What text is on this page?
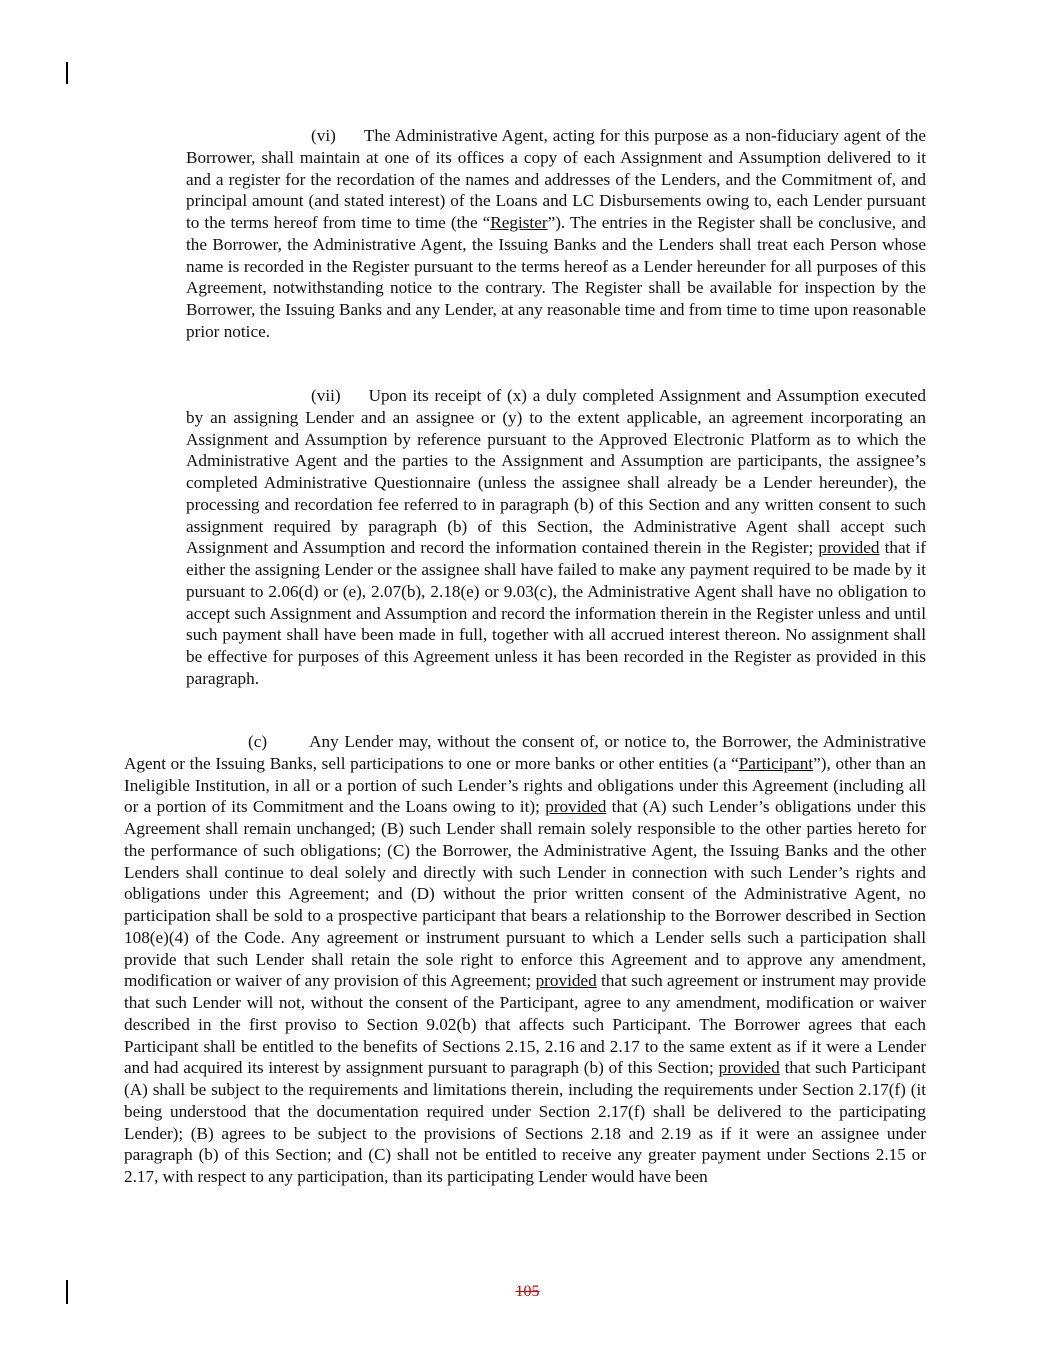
(vi) The Administrative Agent, acting for this purpose as a non-fiduciary agent of the Borrower, shall maintain at one of its offices a copy of each Assignment and Assumption delivered to it and a register for the recordation of the names and addresses of the Lenders, and the Commitment of, and principal amount (and stated interest) of the Loans and LC Disbursements owing to, each Lender pursuant to the terms hereof from time to time (the “Register”). The entries in the Register shall be conclusive, and the Borrower, the Administrative Agent, the Issuing Banks and the Lenders shall treat each Person whose name is recorded in the Register pursuant to the terms hereof as a Lender hereunder for all purposes of this Agreement, notwithstanding notice to the contrary. The Register shall be available for inspection by the Borrower, the Issuing Banks and any Lender, at any reasonable time and from time to time upon reasonable prior notice.

(vii) Upon its receipt of (x) a duly completed Assignment and Assumption executed by an assigning Lender and an assignee or (y) to the extent applicable, an agreement incorporating an Assignment and Assumption by reference pursuant to the Approved Electronic Platform as to which the Administrative Agent and the parties to the Assignment and Assumption are participants, the assignee’s completed Administrative Questionnaire (unless the assignee shall already be a Lender hereunder), the processing and recordation fee referred to in paragraph (b) of this Section and any written consent to such assignment required by paragraph (b) of this Section, the Administrative Agent shall accept such Assignment and Assumption and record the information contained therein in the Register; provided that if either the assigning Lender or the assignee shall have failed to make any payment required to be made by it pursuant to 2.06(d) or (e), 2.07(b), 2.18(e) or 9.03(c), the Administrative Agent shall have no obligation to accept such Assignment and Assumption and record the information therein in the Register unless and until such payment shall have been made in full, together with all accrued interest thereon. No assignment shall be effective for purposes of this Agreement unless it has been recorded in the Register as provided in this paragraph.

(c) Any Lender may, without the consent of, or notice to, the Borrower, the Administrative Agent or the Issuing Banks, sell participations to one or more banks or other entities (a “Participant”), other than an Ineligible Institution, in all or a portion of such Lender’s rights and obligations under this Agreement (including all or a portion of its Commitment and the Loans owing to it); provided that (A) such Lender’s obligations under this Agreement shall remain unchanged; (B) such Lender shall remain solely responsible to the other parties hereto for the performance of such obligations; (C) the Borrower, the Administrative Agent, the Issuing Banks and the other Lenders shall continue to deal solely and directly with such Lender in connection with such Lender’s rights and obligations under this Agreement; and (D) without the prior written consent of the Administrative Agent, no participation shall be sold to a prospective participant that bears a relationship to the Borrower described in Section 108(e)(4) of the Code. Any agreement or instrument pursuant to which a Lender sells such a participation shall provide that such Lender shall retain the sole right to enforce this Agreement and to approve any amendment, modification or waiver of any provision of this Agreement; provided that such agreement or instrument may provide that such Lender will not, without the consent of the Participant, agree to any amendment, modification or waiver described in the first proviso to Section 9.02(b) that affects such Participant. The Borrower agrees that each Participant shall be entitled to the benefits of Sections 2.15, 2.16 and 2.17 to the same extent as if it were a Lender and had acquired its interest by assignment pursuant to paragraph (b) of this Section; provided that such Participant (A) shall be subject to the requirements and limitations therein, including the requirements under Section 2.17(f) (it being understood that the documentation required under Section 2.17(f) shall be delivered to the participating Lender); (B) agrees to be subject to the provisions of Sections 2.18 and 2.19 as if it were an assignee under paragraph (b) of this Section; and (C) shall not be entitled to receive any greater payment under Sections 2.15 or 2.17, with respect to any participation, than its participating Lender would have been

105
